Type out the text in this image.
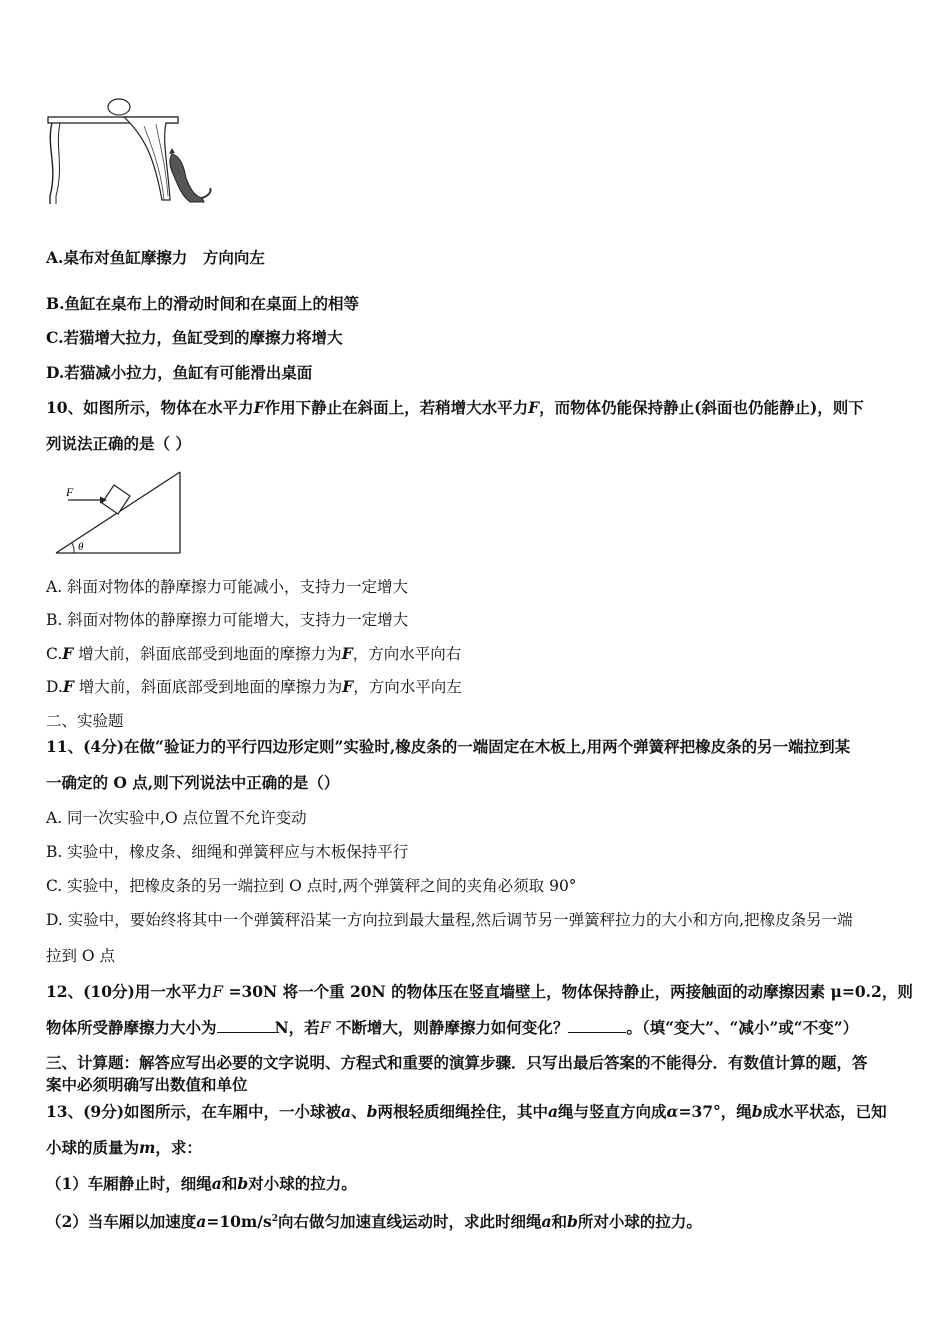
A.桌布对鱼缸摩擦力　方向向左
B.鱼缸在桌布上的滑动时间和在桌面上的相等
C.若猫增大拉力，鱼缸受到的摩擦力将增大
D.若猫减小拉力，鱼缸有可能滑出桌面
10、如图所示，物体在水平力F作用下静止在斜面上，若稍增大水平力F，而物体仍能保持静止(斜面也仍能静止)，则下
列说法正确的是（ ）
F
θ
A. 斜面对物体的静摩擦力可能减小，支持力一定增大
B. 斜面对物体的静摩擦力可能增大，支持力一定增大
C.F 增大前，斜面底部受到地面的摩擦力为F，方向水平向右
D.F 增大前，斜面底部受到地面的摩擦力为F，方向水平向左
二、实验题
11、(4分)在做“验证力的平行四边形定则”实验时,橡皮条的一端固定在木板上,用两个弹簧秤把橡皮条的另一端拉到某
一确定的 O 点,则下列说法中正确的是（）
A. 同一次实验中,O 点位置不允许变动
B. 实验中，橡皮条、细绳和弹簧秤应与木板保持平行
C. 实验中，把橡皮条的另一端拉到 O 点时,两个弹簧秤之间的夹角必须取 90°
D. 实验中，要始终将其中一个弹簧秤沿某一方向拉到最大量程,然后调节另一弹簧秤拉力的大小和方向,把橡皮条另一端
拉到 O 点
12、(10分)用一水平力F =30N 将一个重 20N 的物体压在竖直墙壁上，物体保持静止，两接触面的动摩擦因素 μ=0.2，则
物体所受静摩擦力大小为	N，若F 不断增大，则静摩擦力如何变化？	。（填“变大”、“减小”或“不变”）
三、计算题：解答应写出必要的文字说明、方程式和重要的演算步骤．只写出最后答案的不能得分．有数值计算的题，答
案中必须明确写出数值和单位
13、(9分)如图所示，在车厢中，一小球被a、b两根轻质细绳拴住，其中a绳与竖直方向成α=37°，绳b成水平状态，已知
小球的质量为m，求：
（1）车厢静止时，细绳a和b对小球的拉力。
（2）当车厢以加速度$a=10m/s^2$向右做匀加速直线运动时，求此时细绳a和b所对小球的拉力。
